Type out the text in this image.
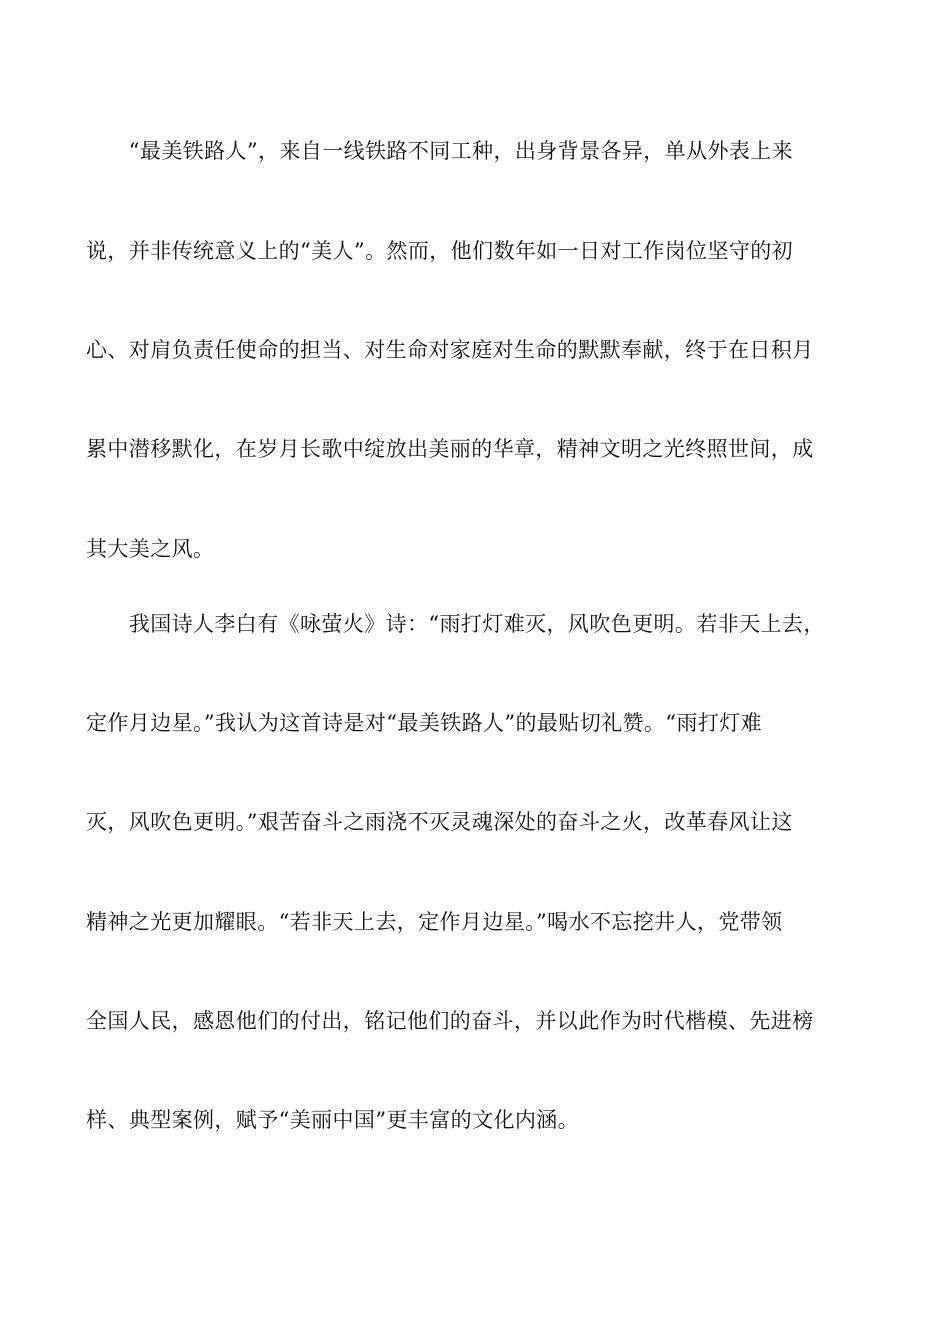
　　“最美铁路人”，来自一线铁路不同工种，出身背景各异，单从外表上来
说，并非传统意义上的“美人”。然而，他们数年如一日对工作岗位坚守的初
心、对肩负责任使命的担当、对生命对家庭对生命的默默奉献，终于在日积月
累中潜移默化，在岁月长歌中绽放出美丽的华章，精神文明之光终照世间，成
其大美之风。
　　我国诗人李白有《咏萤火》诗：“雨打灯难灭，风吹色更明。若非天上去，
定作月边星。”我认为这首诗是对“最美铁路人”的最贴切礼赞。“雨打灯难
灭，风吹色更明。”艰苦奋斗之雨浇不灭灵魂深处的奋斗之火，改革春风让这
精神之光更加耀眼。“若非天上去，定作月边星。”喝水不忘挖井人，党带领
全国人民，感恩他们的付出，铭记他们的奋斗，并以此作为时代楷模、先进榜
样、典型案例，赋予“美丽中国”更丰富的文化内涵。
